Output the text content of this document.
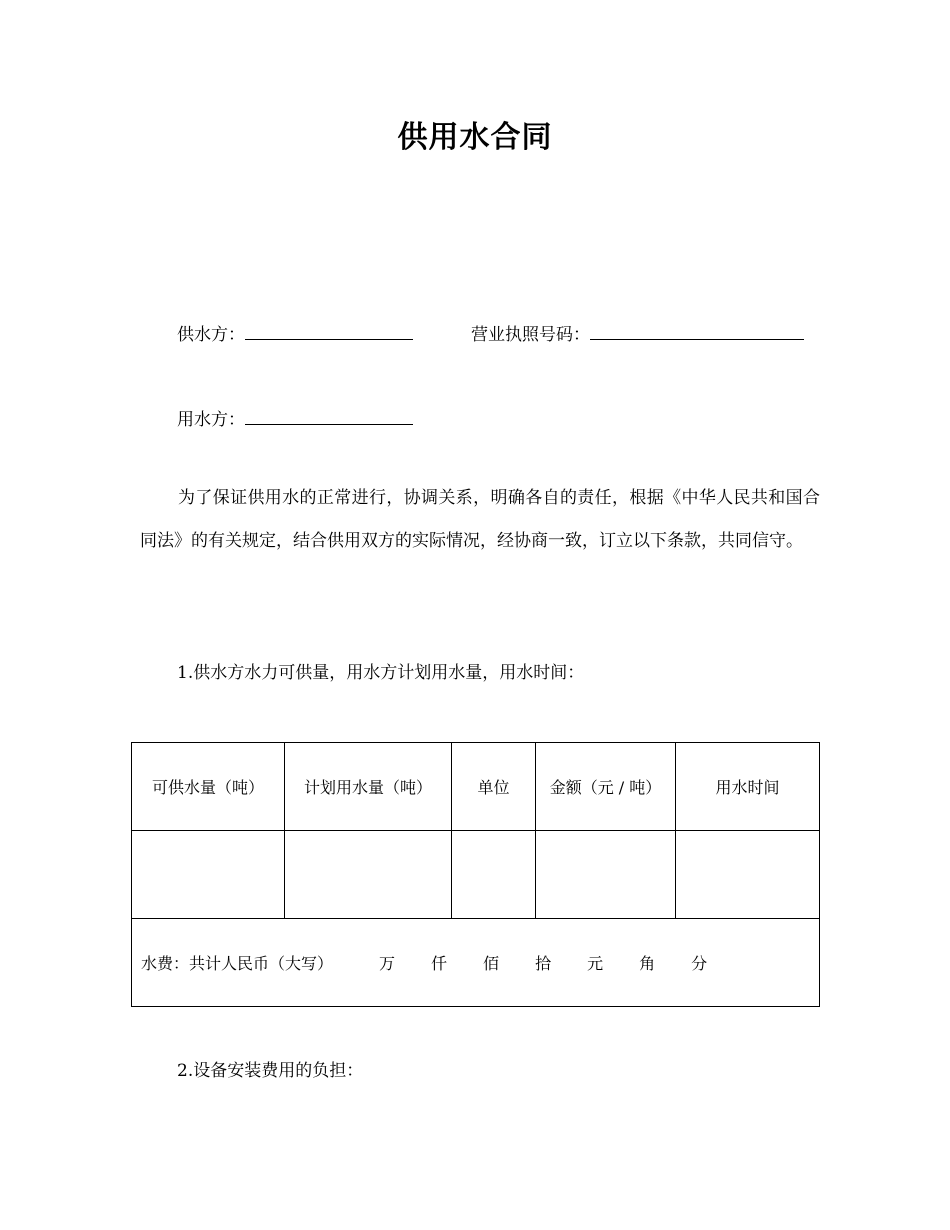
供用水合同
供水方：	营业执照号码：
用水方：
为了保证供用水的正常进行，协调关系，明确各自的责任，根据《中华人民共和国合同法》的有关规定，结合供用双方的实际情况，经协商一致，订立以下条款，共同信守。
1.供水方水力可供量，用水方计划用水量，用水时间：
可供水量（吨）	计划用水量（吨）	单位	金额（元 / 吨）	用水时间

水费：共计人民币（大写） 万 仟 佰 拾 元 角 分				
2.设备安装费用的负担：
